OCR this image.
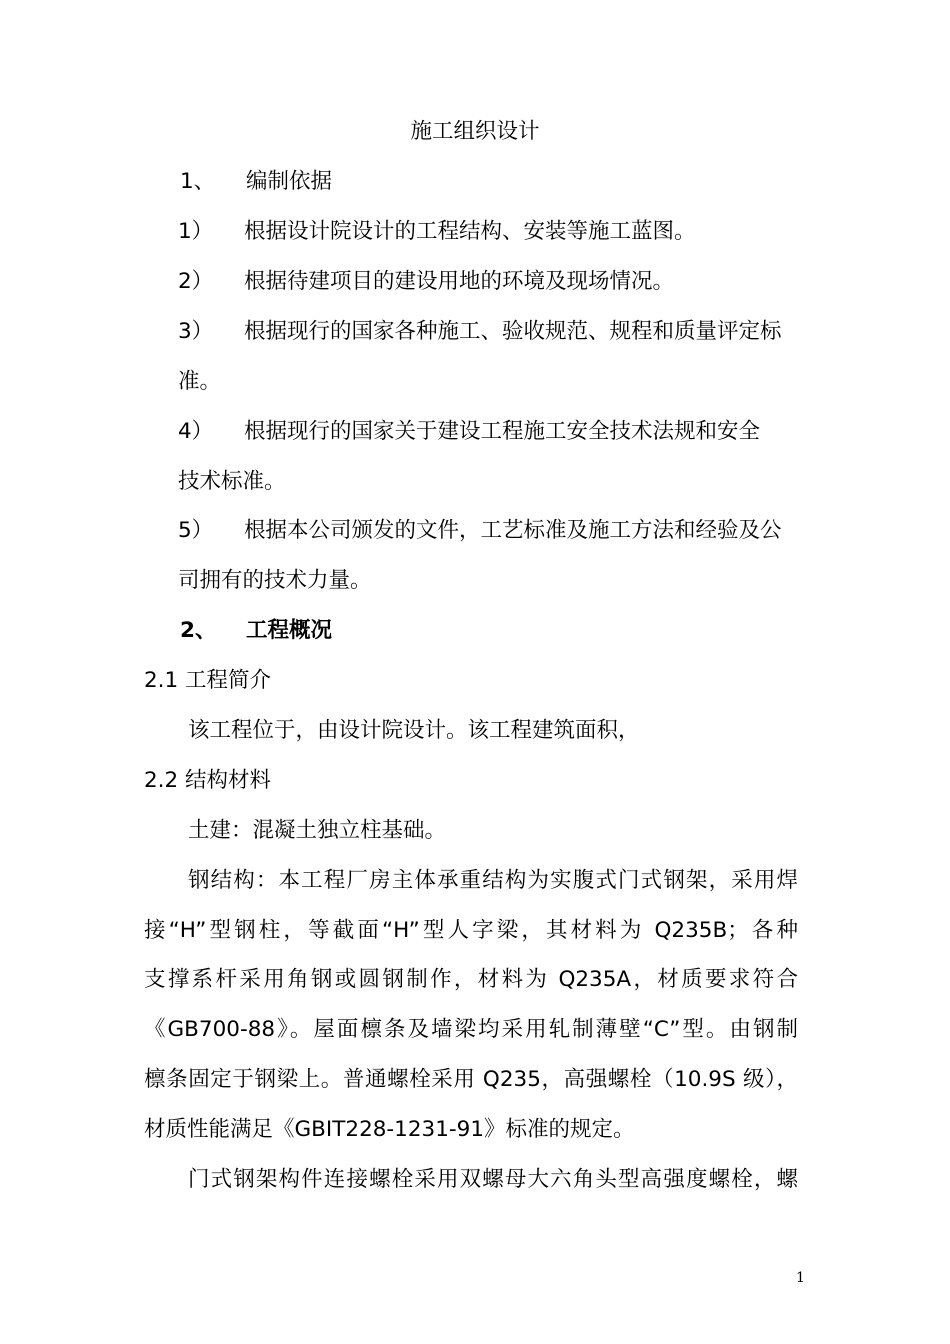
施工组织设计
1、 编制依据
1） 根据设计院设计的工程结构、安装等施工蓝图。
2） 根据待建项目的建设用地的环境及现场情况。
3） 根据现行的国家各种施工、验收规范、规程和质量评定标
准。
4） 根据现行的国家关于建设工程施工安全技术法规和安全
技术标准。
5） 根据本公司颁发的文件，工艺标准及施工方法和经验及公
司拥有的技术力量。
2、 工程概况
2.1 工程简介
该工程位于，由设计院设计。该工程建筑面积，
2.2 结构材料
土建：混凝土独立柱基础。
钢结构：本工程厂房主体承重结构为实腹式门式钢架，采用焊
接“H”型钢柱，等截面“H”型人字梁，其材料为 Q235B；各种
支撑系杆采用角钢或圆钢制作，材料为 Q235A，材质要求符合
《GB700-88》。屋面檩条及墙梁均采用轧制薄壁“C”型。由钢制
檩条固定于钢梁上。普通螺栓采用 Q235，高强螺栓（10.9S 级），
材质性能满足《GBIT228-1231-91》标准的规定。
门式钢架构件连接螺栓采用双螺母大六角头型高强度螺栓，螺
1
